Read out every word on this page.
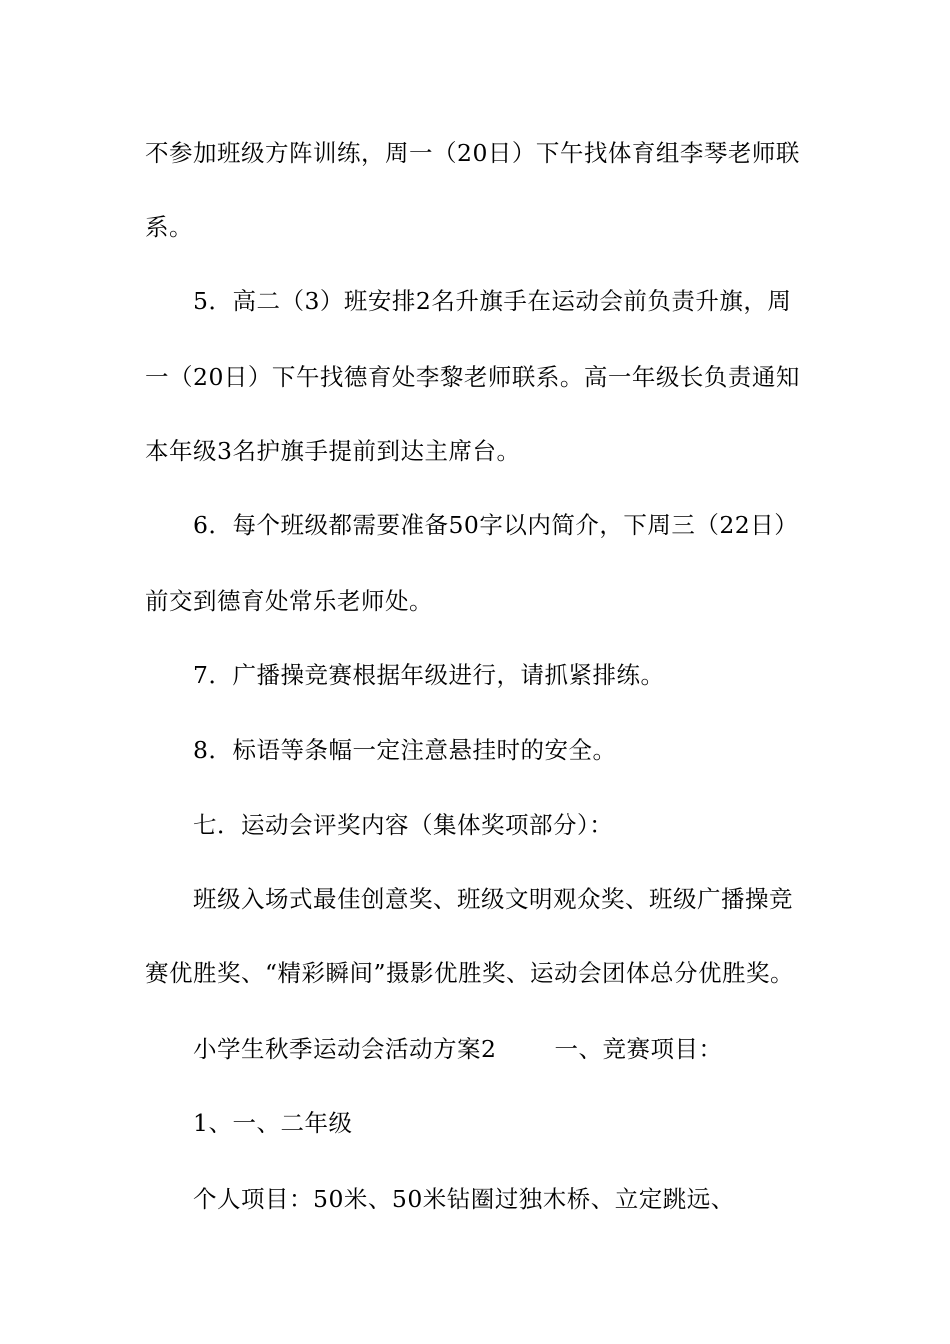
不参加班级方阵训练，周一（20日）下午找体育组李琴老师联
系。
5．高二（3）班安排2名升旗手在运动会前负责升旗，周
一（20日）下午找德育处李黎老师联系。高一年级长负责通知
本年级3名护旗手提前到达主席台。
6．每个班级都需要准备50字以内简介，下周三（22日）
前交到德育处常乐老师处。
7．广播操竞赛根据年级进行，请抓紧排练。
8．标语等条幅一定注意悬挂时的安全。
七．运动会评奖内容（集体奖项部分）：
班级入场式最佳创意奖、班级文明观众奖、班级广播操竞
赛优胜奖、“精彩瞬间”摄影优胜奖、运动会团体总分优胜奖。
小学生秋季运动会活动方案2 一、竞赛项目：
1、一、二年级
个人项目：50米、50米钻圈过独木桥、立定跳远、
